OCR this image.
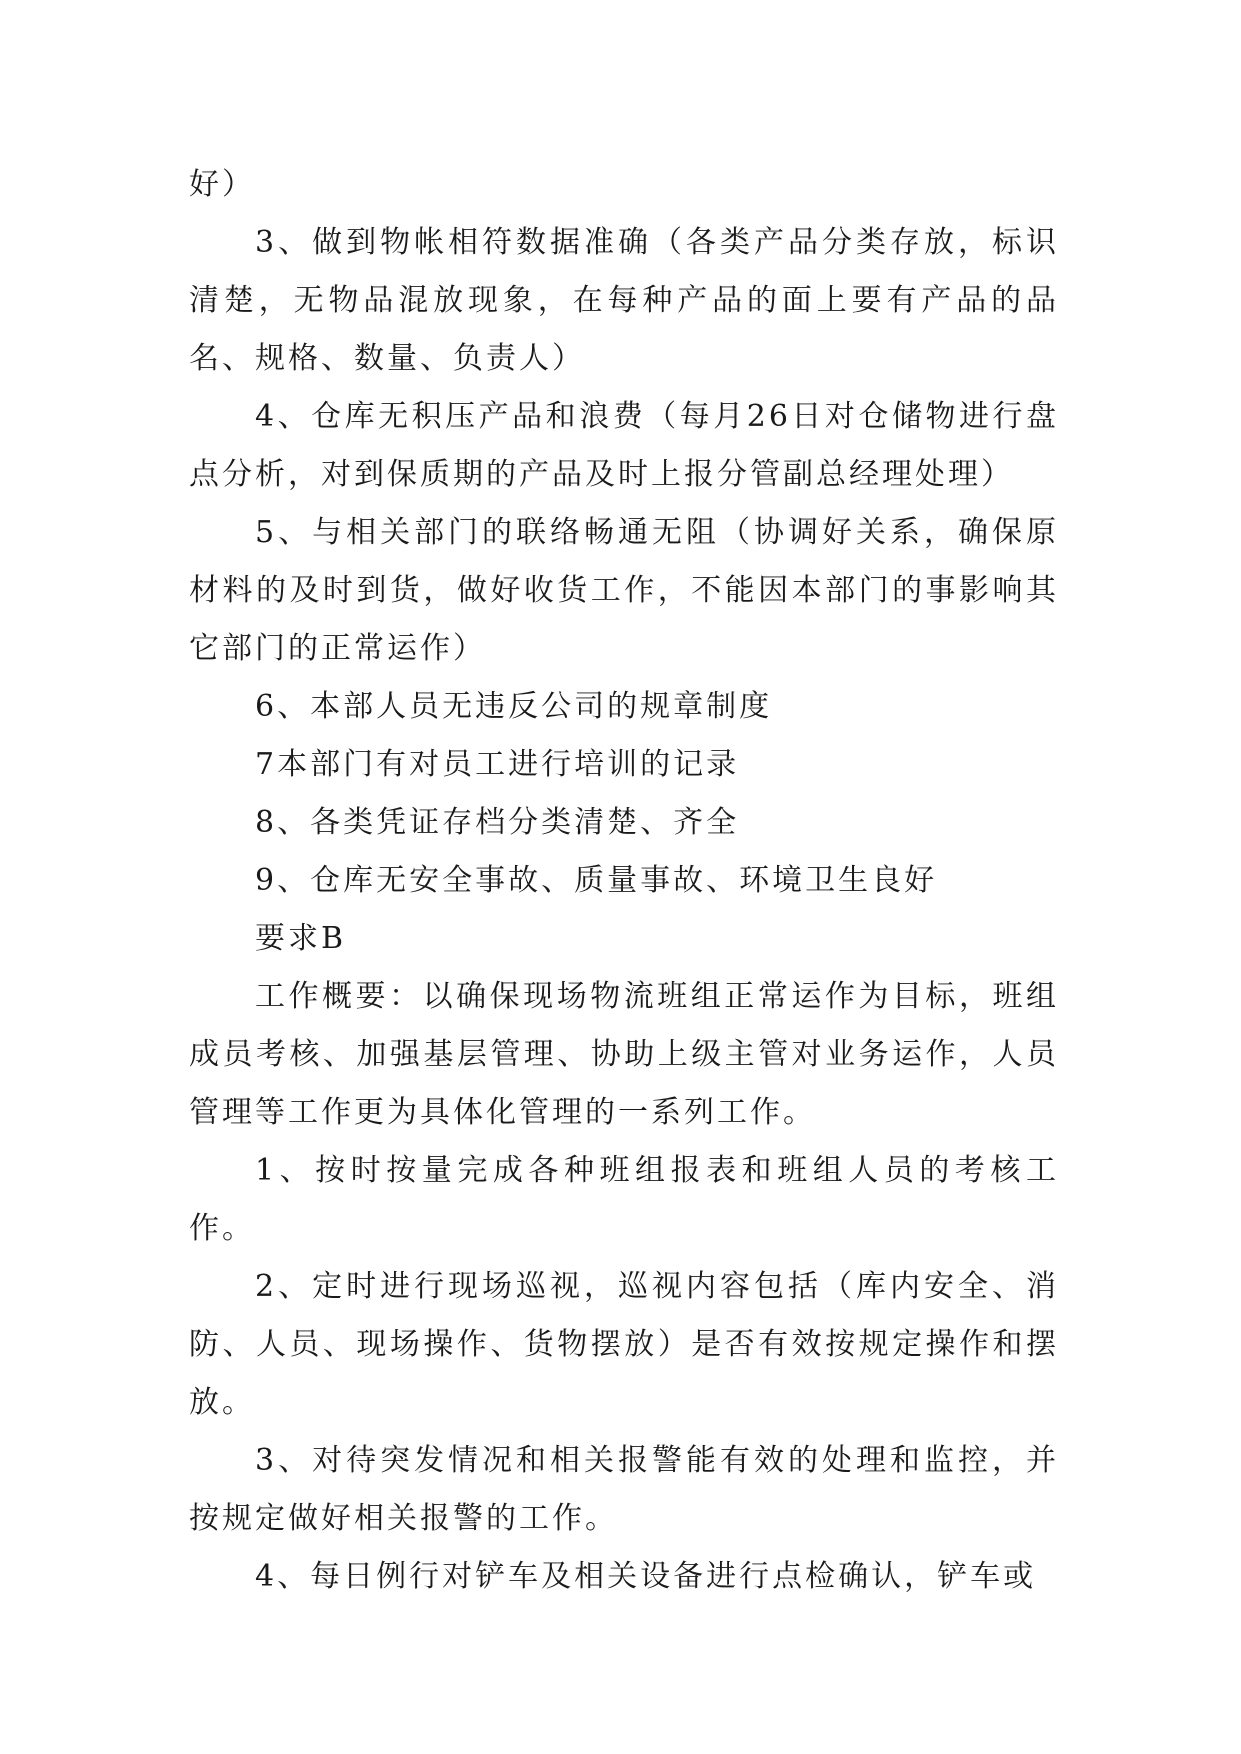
好）

3、做到物帐相符数据准确（各类产品分类存放，标识清楚，无物品混放现象，在每种产品的面上要有产品的品名、规格、数量、负责人）

4、仓库无积压产品和浪费（每月26日对仓储物进行盘点分析，对到保质期的产品及时上报分管副总经理处理）

5、与相关部门的联络畅通无阻（协调好关系，确保原材料的及时到货，做好收货工作，不能因本部门的事影响其它部门的正常运作）

6、本部人员无违反公司的规章制度

7本部门有对员工进行培训的记录

8、各类凭证存档分类清楚、齐全

9、仓库无安全事故、质量事故、环境卫生良好

要求B

工作概要：以确保现场物流班组正常运作为目标，班组成员考核、加强基层管理、协助上级主管对业务运作，人员管理等工作更为具体化管理的一系列工作。

1、按时按量完成各种班组报表和班组人员的考核工作。

2、定时进行现场巡视，巡视内容包括（库内安全、消防、人员、现场操作、货物摆放）是否有效按规定操作和摆放。

3、对待突发情况和相关报警能有效的处理和监控，并按规定做好相关报警的工作。

4、每日例行对铲车及相关设备进行点检确认，铲车或
